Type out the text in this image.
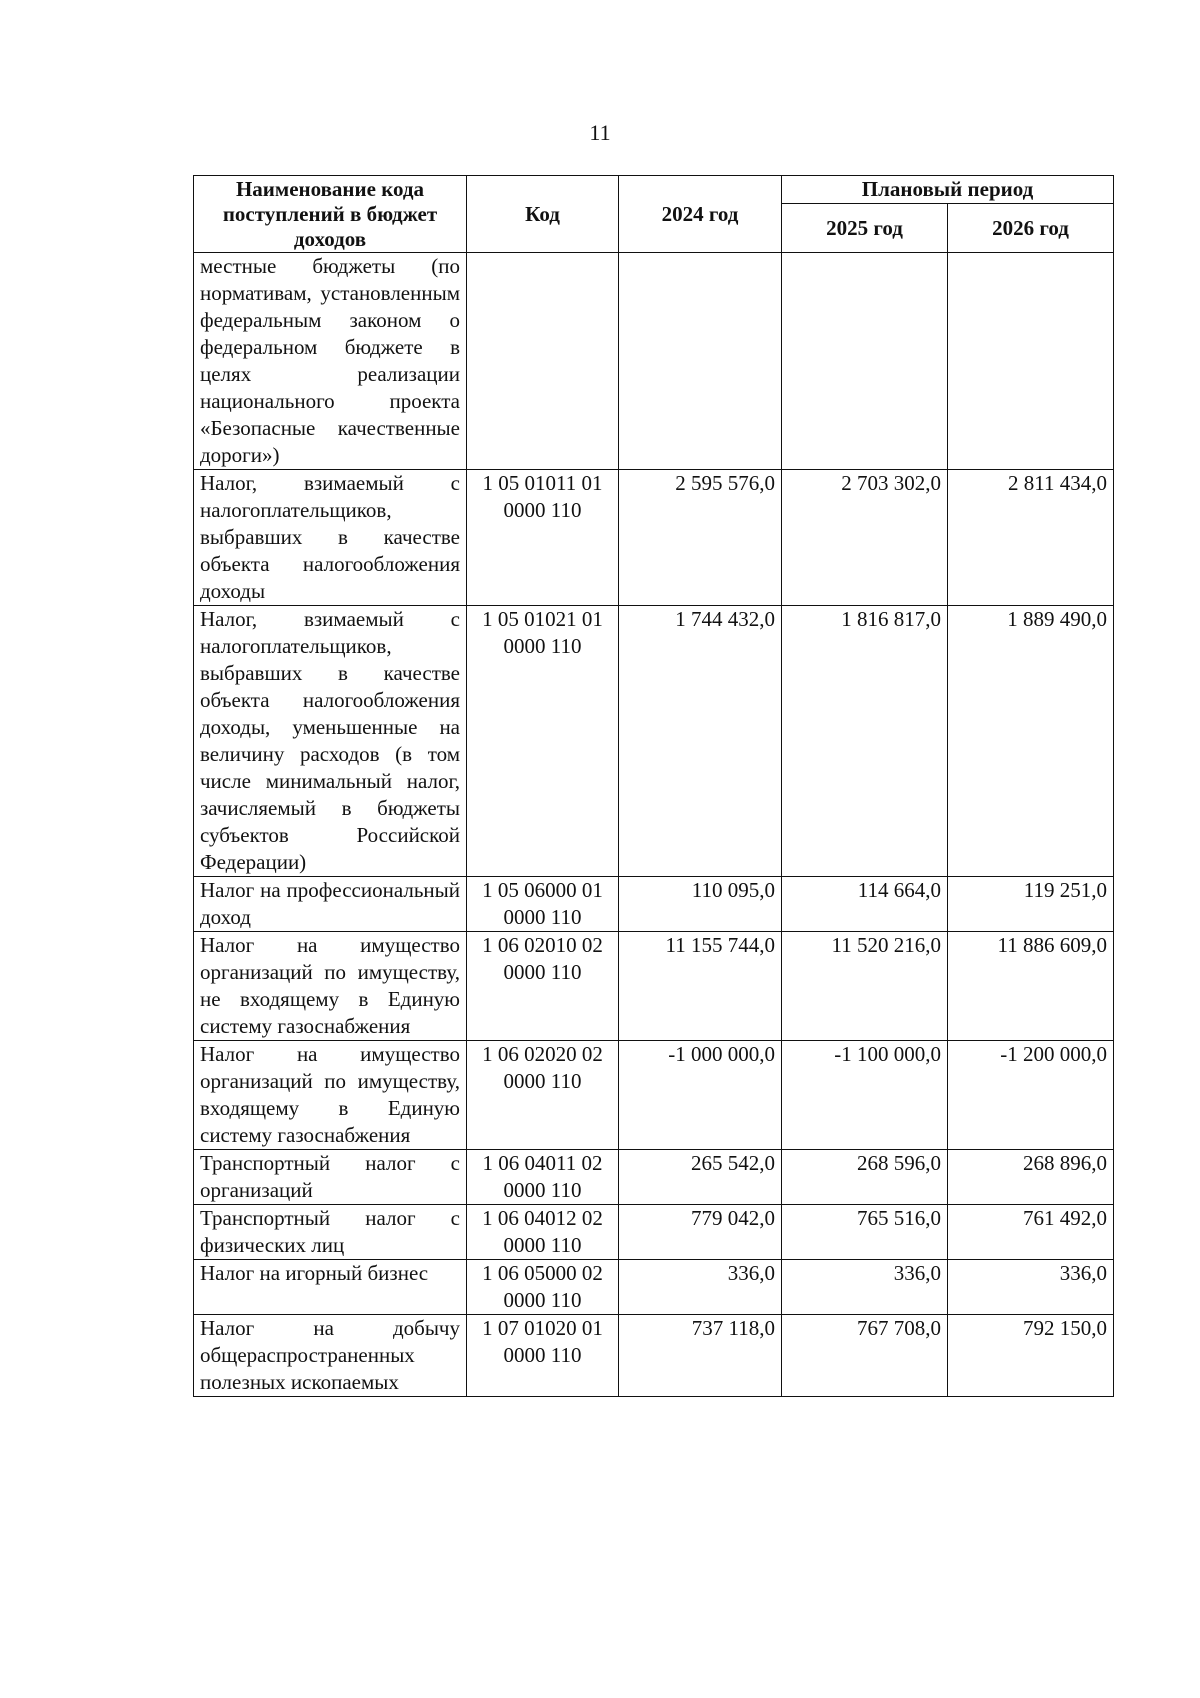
11
Наименование кода поступлений в бюджет доходов	Код	2024 год	Плановый период	
			2025 год	2026 год
местные бюджеты (по нормативам, установленным федеральным законом о федеральном бюджете в целях реализации национального проекта «Безопасные качественные дороги»)				
Налог, взимаемый с налогоплательщиков, выбравших в качестве объекта налогообложения доходы	1 05 01011 01 0000 110	2 595 576,0	2 703 302,0	2 811 434,0
Налог, взимаемый с налогоплательщиков, выбравших в качестве объекта налогообложения доходы, уменьшенные на величину расходов (в том числе минимальный налог, зачисляемый в бюджеты субъектов Российской Федерации)	1 05 01021 01 0000 110	1 744 432,0	1 816 817,0	1 889 490,0
Налог на профессиональный доход	1 05 06000 01 0000 110	110 095,0	114 664,0	119 251,0
Налог на имущество организаций по имуществу, не входящему в Единую систему газоснабжения	1 06 02010 02 0000 110	11 155 744,0	11 520 216,0	11 886 609,0
Налог на имущество организаций по имуществу, входящему в Единую систему газоснабжения	1 06 02020 02 0000 110	-1 000 000,0	-1 100 000,0	-1 200 000,0
Транспортный налог с организаций	1 06 04011 02 0000 110	265 542,0	268 596,0	268 896,0
Транспортный налог с физических лиц	1 06 04012 02 0000 110	779 042,0	765 516,0	761 492,0
Налог на игорный бизнес	1 06 05000 02 0000 110	336,0	336,0	336,0
Налог на добычу общераспространенных полезных ископаемых	1 07 01020 01 0000 110	737 118,0	767 708,0	792 150,0
